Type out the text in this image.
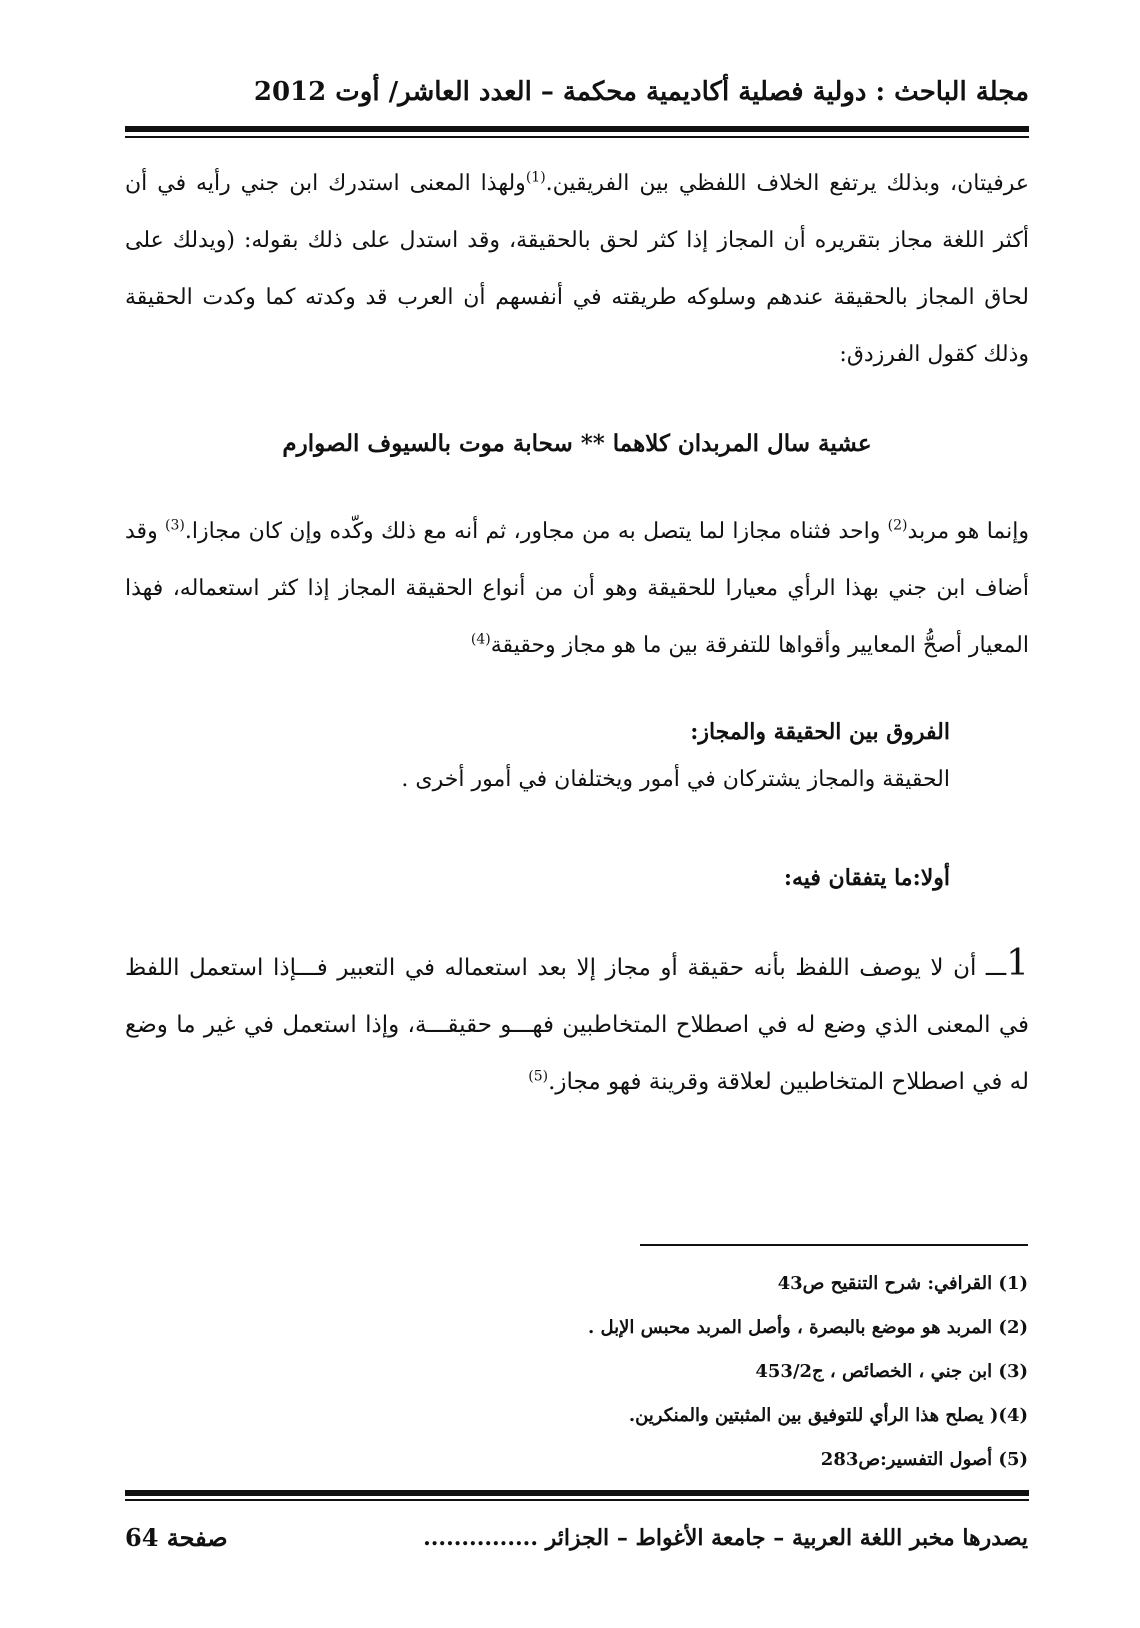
مجلة الباحث : دولية فصلية أكاديمية محكمة – العدد العاشر/ أوت 2012
عرفيتان، وبذلك يرتفع الخلاف اللفظي بين الفريقين.$^{(1)}$ولهذا المعنى استدرك ابن جني رأيه في أن أكثر اللغة مجاز بتقريره أن المجاز إذا كثر لحق بالحقيقة، وقد استدل على ذلك بقوله: (ويدلك على لحاق المجاز بالحقيقة عندهم وسلوكه طريقته في أنفسهم أن العرب قد وكدته كما وكدت الحقيقة وذلك كقول الفرزدق:
عشية سال المربدان كلاهما ** سحابة موت بالسيوف الصوارم
وإنما هو مربد$^{(2)}$ واحد فثناه مجازا لما يتصل به من مجاور، ثم أنه مع ذلك وكّده وإن كان مجازا.$^{(3)}$ وقد أضاف ابن جني بهذا الرأي معيارا للحقيقة وهو أن من أنواع الحقيقة المجاز إذا كثر استعماله، فهذا المعيار أصحُّ المعايير وأقواها للتفرقة بين ما هو مجاز وحقيقة$^{(4)}$
الفروق بين الحقيقة والمجاز:
الحقيقة والمجاز يشتركان في أمور ويختلفان في أمور أخرى .
أولا:ما يتفقان فيه:
1ـــ أن لا يوصف اللفظ بأنه حقيقة أو مجاز إلا بعد استعماله في التعبير فـــإذا استعمل اللفظ في المعنى الذي وضع له في اصطلاح المتخاطبين فهـــو حقيقـــة، وإذا استعمل في غير ما وضع له في اصطلاح المتخاطبين لعلاقة وقرينة فهو مجاز.$^{(5)}$
(1) القرافي: شرح التنقيح ص43
(2) المربد هو موضع بالبصرة ، وأصل المربد محبس الإبل .
(3) ابن جني ، الخصائص ، ج453/2
(4)( يصلح هذا الرأي للتوفيق بين المثبتين والمنكرين.
(5) أصول التفسير:ص283
يصدرها مخبر اللغة العربية – جامعة الأغواط – الجزائر ...............
صفحة 64
